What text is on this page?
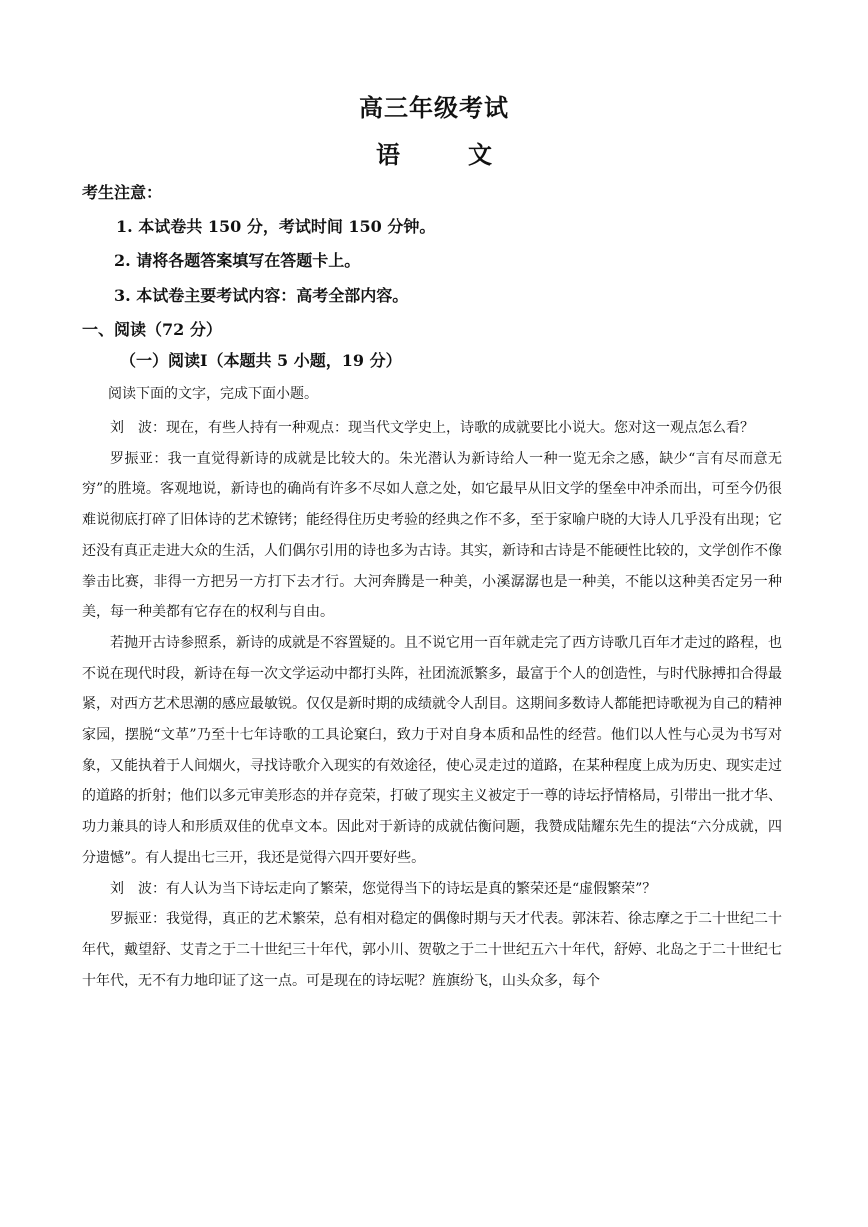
高三年级考试
语　文
考生注意：
1. 本试卷共 150 分，考试时间 150 分钟。
2. 请将各题答案填写在答题卡上。
3. 本试卷主要考试内容：高考全部内容。
一、阅读（72 分）
（一）阅读Ⅰ（本题共 5 小题，19 分）
阅读下面的文字，完成下面小题。

刘　波：现在，有些人持有一种观点：现当代文学史上，诗歌的成就要比小说大。您对这一观点怎么看？

罗振亚：我一直觉得新诗的成就是比较大的。朱光潜认为新诗给人一种一览无余之感，缺少“言有尽而意无穷”的胜境。客观地说，新诗也的确尚有许多不尽如人意之处，如它最早从旧文学的堡垒中冲杀而出，可至今仍很难说彻底打碎了旧体诗的艺术镣铐；能经得住历史考验的经典之作不多，至于家喻户晓的大诗人几乎没有出现；它还没有真正走进大众的生活，人们偶尔引用的诗也多为古诗。其实，新诗和古诗是不能硬性比较的，文学创作不像拳击比赛，非得一方把另一方打下去才行。大河奔腾是一种美，小溪潺潺也是一种美，不能以这种美否定另一种美，每一种美都有它存在的权利与自由。

若抛开古诗参照系，新诗的成就是不容置疑的。且不说它用一百年就走完了西方诗歌几百年才走过的路程，也不说在现代时段，新诗在每一次文学运动中都打头阵，社团流派繁多，最富于个人的创造性，与时代脉搏扣合得最紧，对西方艺术思潮的感应最敏锐。仅仅是新时期的成绩就令人刮目。这期间多数诗人都能把诗歌视为自己的精神家园，摆脱“文革”乃至十七年诗歌的工具论窠臼，致力于对自身本质和品性的经营。他们以人性与心灵为书写对象，又能执着于人间烟火，寻找诗歌介入现实的有效途径，使心灵走过的道路，在某种程度上成为历史、现实走过的道路的折射；他们以多元审美形态的并存竞荣，打破了现实主义被定于一尊的诗坛抒情格局，引带出一批才华、功力兼具的诗人和形质双佳的优卓文本。因此对于新诗的成就估衡问题，我赞成陆耀东先生的提法“六分成就，四分遗憾”。有人提出七三开，我还是觉得六四开要好些。

刘　波：有人认为当下诗坛走向了繁荣，您觉得当下的诗坛是真的繁荣还是“虚假繁荣”？

罗振亚：我觉得，真正的艺术繁荣，总有相对稳定的偶像时期与天才代表。郭沫若、徐志摩之于二十世纪二十年代，戴望舒、艾青之于二十世纪三十年代，郭小川、贺敬之于二十世纪五六十年代，舒婷、北岛之于二十世纪七十年代，无不有力地印证了这一点。可是现在的诗坛呢？旌旗纷飞，山头众多，每个
